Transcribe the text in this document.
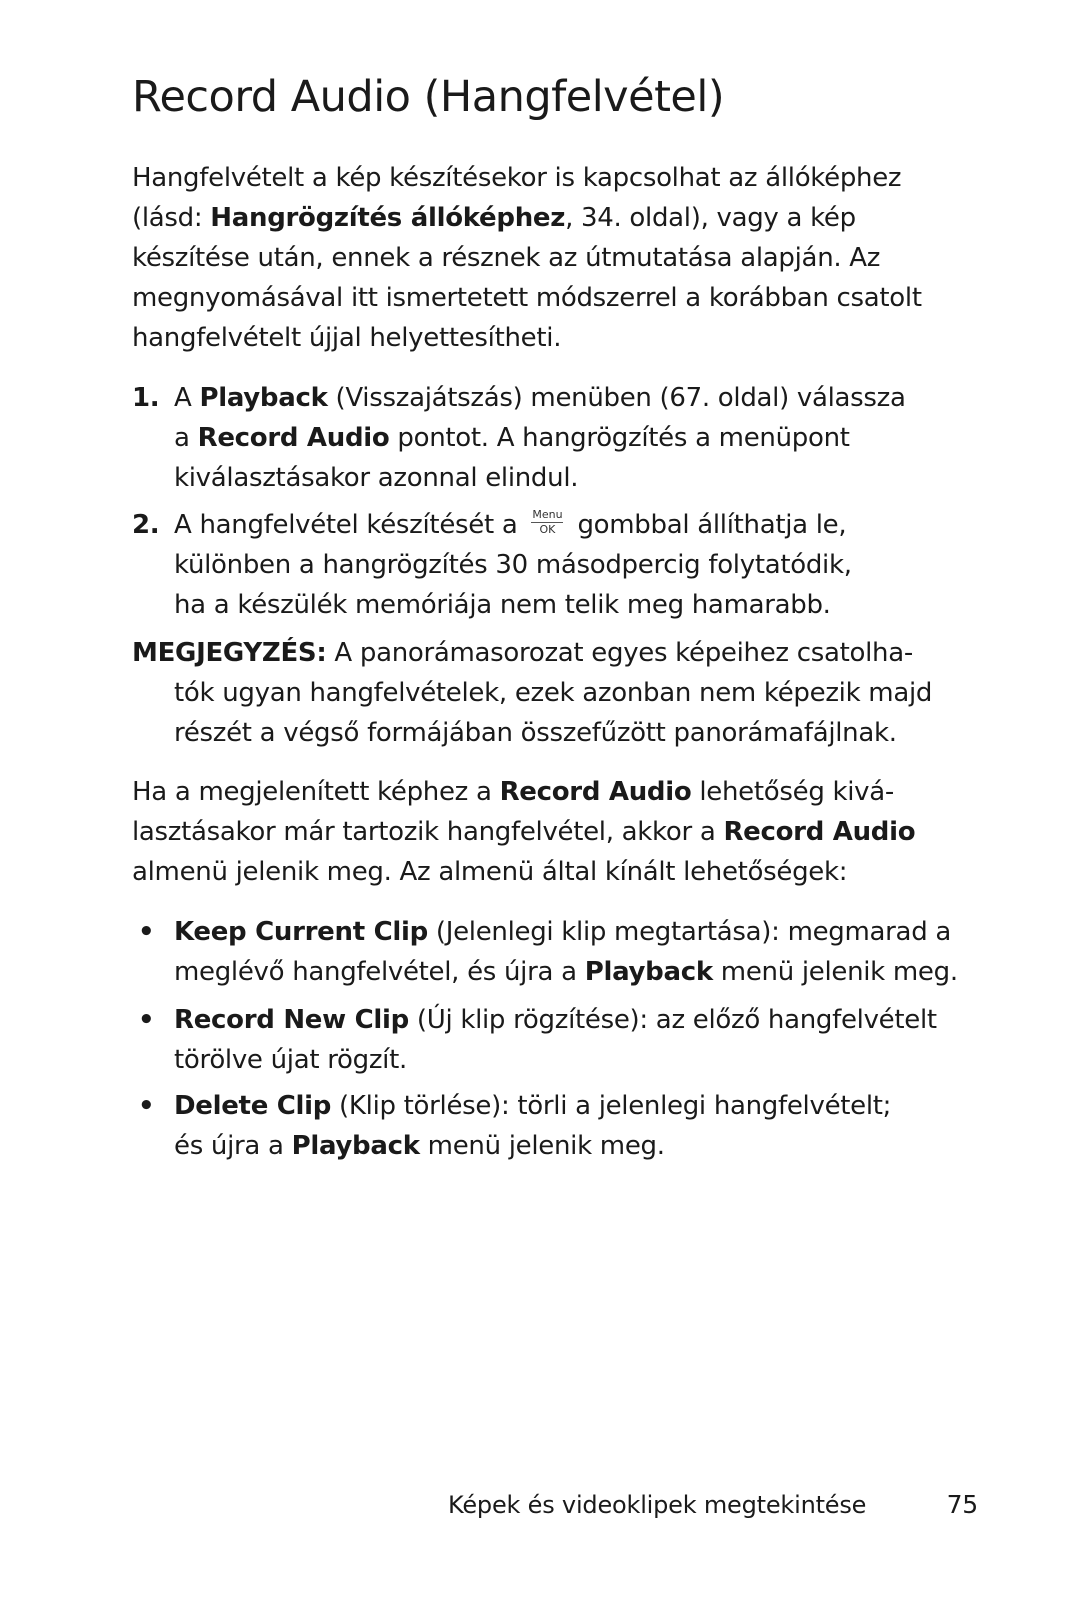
Record Audio (Hangfelvétel)

Hangfelvételt a kép készítésekor is kapcsolhat az állóképhez
(lásd: Hangrögzítés állóképhez, 34. oldal), vagy a kép
készítése után, ennek a résznek az útmutatása alapján. Az
megnyomásával itt ismertetett módszerrel a korábban csatolt
hangfelvételt újjal helyettesítheti.

1. A Playback (Visszajátszás) menüben (67. oldal) válassza
a Record Audio pontot. A hangrögzítés a menüpont
kiválasztásakor azonnal elindul.
2. A hangfelvétel készítését a	Menu
OK gombbal állíthatja le,
különben a hangrögzítés 30 másodpercig folytatódik,
ha a készülék memóriája nem telik meg hamarabb.
MEGJEGYZÉS: A panorámasorozat egyes képeihez csatolha-
tók ugyan hangfelvételek, ezek azonban nem képezik majd
részét a végső formájában összefűzött panorámafájlnak.

Ha a megjelenített képhez a Record Audio lehetőség kivá-
lasztásakor már tartozik hangfelvétel, akkor a Record Audio
almenü jelenik meg. Az almenü által kínált lehetőségek:

• Keep Current Clip (Jelenlegi klip megtartása): megmarad a
meglévő hangfelvétel, és újra a Playback menü jelenik meg.
• Record New Clip (Új klip rögzítése): az előző hangfelvételt
törölve újat rögzít.
• Delete Clip (Klip törlése): törli a jelenlegi hangfelvételt;
és újra a Playback menü jelenik meg.
Képek és videoklipek megtekintése	75
